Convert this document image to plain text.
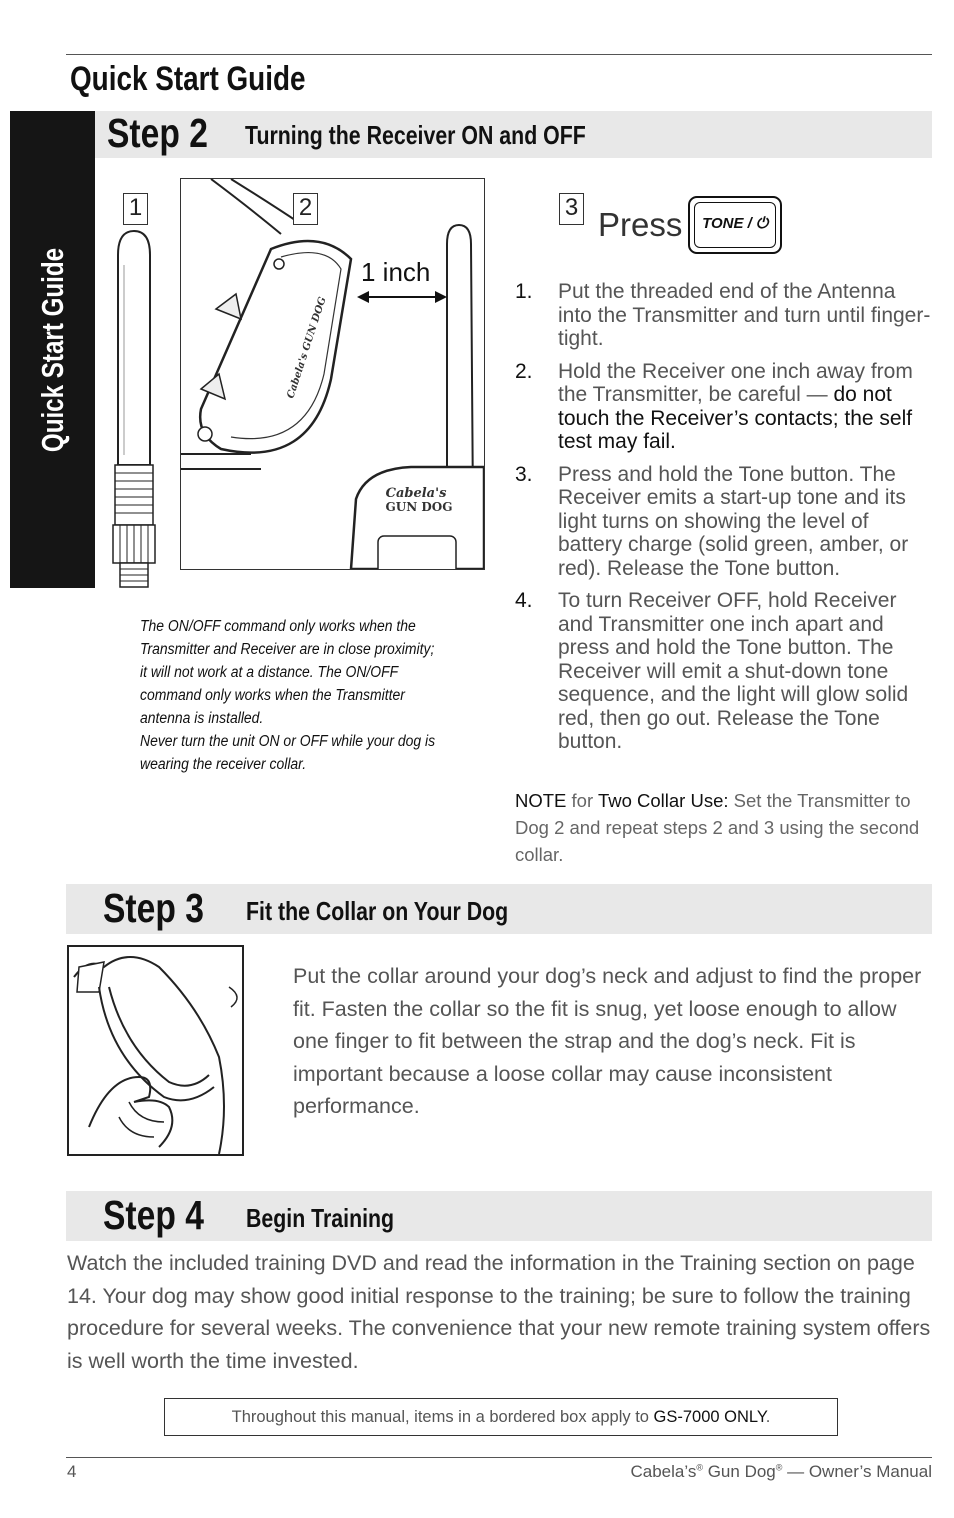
Quick Start Guide
Quick Start Guide
Step 2	Turning the Receiver ON and OFF
1
Cabela's GUN DOG
Cabela's
GUN DOG
1 inch
2	3 Press	TONE / ⏻
The ON/OFF command only works when the
Transmitter and Receiver are in close proximity;
it will not work at a distance. The ON/OFF
command only works when the Transmitter
antenna is installed.
Never turn the unit ON or OFF while your dog is
wearing the receiver collar.
1. Put the threaded end of the Antenna into the Transmitter and turn until finger-tight.
2. Hold the Receiver one inch away from the Transmitter, be careful — do not touch the Receiver’s contacts; the self test may fail.
3. Press and hold the Tone button. The Receiver emits a start-up tone and its light turns on showing the level of battery charge (solid green, amber, or red). Release the Tone button.
4. To turn Receiver OFF, hold Receiver and Transmitter one inch apart and press and hold the Tone button. The Receiver will emit a shut-down tone sequence, and the light will glow solid red, then go out. Release the Tone button.
NOTE for Two Collar Use: Set the Transmitter to Dog 2 and repeat steps 2 and 3 using the second collar.
Step 3	Fit the Collar on Your Dog
Put the collar around your dog’s neck and adjust to find the proper fit. Fasten the collar so the fit is snug, yet loose enough to allow one finger to fit between the strap and the dog’s neck. Fit is important because a loose collar may cause inconsistent performance.
Step 4	Begin Training
Watch the included training DVD and read the information in the Training section on page 14. Your dog may show good initial response to the training; be sure to follow the training procedure for several weeks. The convenience that your new remote training system offers is well worth the time invested.
Throughout this manual, items in a bordered box apply to GS-7000 ONLY.
4	Cabela’s® Gun Dog® — Owner’s Manual
